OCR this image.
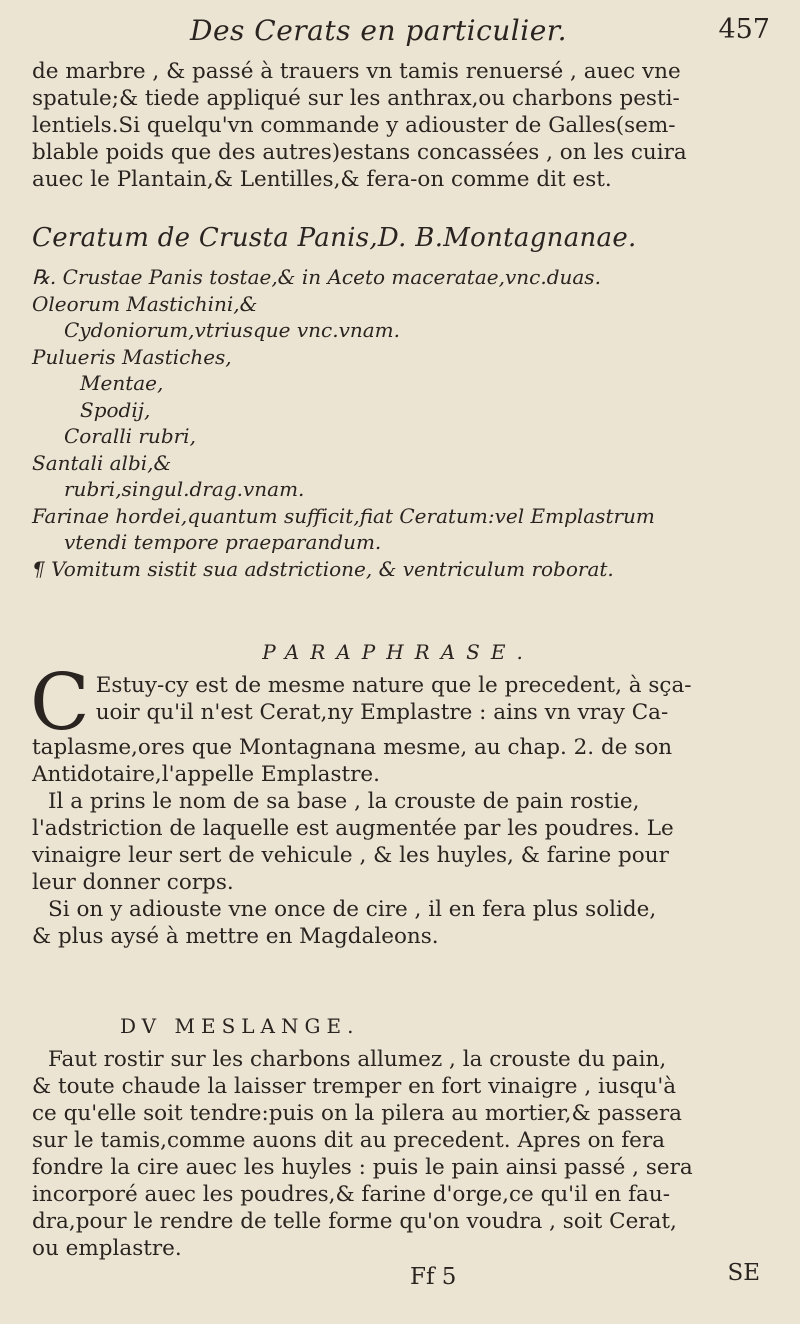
Des Cerats en particulier.	457
de marbre , & passé à trauers vn tamis renuersé , auec vne
spatule;& tiede appliqué sur les anthrax,ou charbons pesti-
lentiels.Si quelqu'vn commande y adiouster de Galles(sem-
blable poids que des autres)estans concassées , on les cuira
auec le Plantain,& Lentilles,& fera-on comme dit est.
Ceratum de Crusta Panis,D. B.Montagnanae.
℞. Crustae Panis tostae,& in Aceto maceratae,vnc.duas.
Oleorum Mastichini,&
Cydoniorum,vtriusque vnc.vnam.
Pulueris Mastiches,
Mentae,
Spodij,
Coralli rubri,
Santali albi,&
rubri,singul.drag.vnam.
Farinae hordei,quantum sufficit,fiat Ceratum:vel Emplastrum
vtendi tempore praeparandum.
¶ Vomitum sistit sua adstrictione, & ventriculum roborat.
PARAPHRASE.
C Estuy-cy est de mesme nature que le precedent, à sça-
uoir qu'il n'est Cerat,ny Emplastre : ains vn vray Ca-
taplasme,ores que Montagnana mesme, au chap. 2. de son
Antidotaire,l'appelle Emplastre.
Il a prins le nom de sa base , la crouste de pain rostie,
l'adstriction de laquelle est augmentée par les poudres. Le
vinaigre leur sert de vehicule , & les huyles, & farine pour
leur donner corps.
Si on y adiouste vne once de cire , il en fera plus solide,
& plus aysé à mettre en Magdaleons.
DV MESLANGE.
Faut rostir sur les charbons allumez , la crouste du pain,
& toute chaude la laisser tremper en fort vinaigre , iusqu'à
ce qu'elle soit tendre:puis on la pilera au mortier,& passera
sur le tamis,comme auons dit au precedent. Apres on fera
fondre la cire auec les huyles : puis le pain ainsi passé , sera
incorporé auec les poudres,& farine d'orge,ce qu'il en fau-
dra,pour le rendre de telle forme qu'on voudra , soit Cerat,
ou emplastre.
Ff 5	SE
